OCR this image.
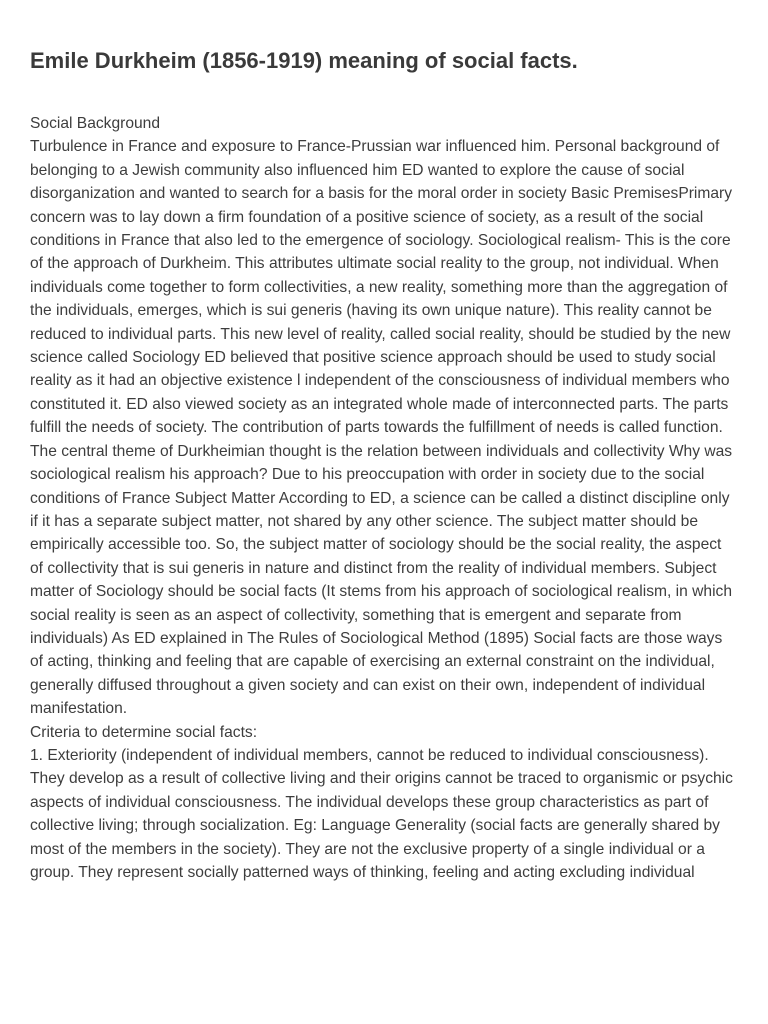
Emile Durkheim (1856-1919) meaning of social facts.

Social Background

Turbulence in France and exposure to France-Prussian war influenced him. Personal background of belonging to a Jewish community also influenced him ED wanted to explore the cause of social disorganization and wanted to search for a basis for the moral order in society Basic PremisesPrimary concern was to lay down a firm foundation of a positive science of society, as a result of the social conditions in France that also led to the emergence of sociology. Sociological realism- This is the core of the approach of Durkheim. This attributes ultimate social reality to the group, not individual. When individuals come together to form collectivities, a new reality, something more than the aggregation of the individuals, emerges, which is sui generis (having its own unique nature). This reality cannot be reduced to individual parts. This new level of reality, called social reality, should be studied by the new science called Sociology ED believed that positive science approach should be used to study social reality as it had an objective existence l independent of the consciousness of individual members who constituted it. ED also viewed society as an integrated whole made of interconnected parts. The parts fulfill the needs of society. The contribution of parts towards the fulfillment of needs is called function. The central theme of Durkheimian thought is the relation between individuals and collectivity Why was sociological realism his approach? Due to his preoccupation with order in society due to the social conditions of France Subject Matter According to ED, a science can be called a distinct discipline only if it has a separate subject matter, not shared by any other science. The subject matter should be empirically accessible too. So, the subject matter of sociology should be the social reality, the aspect of collectivity that is sui generis in nature and distinct from the reality of individual members. Subject matter of Sociology should be social facts (It stems from his approach of sociological realism, in which social reality is seen as an aspect of collectivity, something that is emergent and separate from individuals) As ED explained in The Rules of Sociological Method (1895) Social facts are those ways of acting, thinking and feeling that are capable of exercising an external constraint on the individual, generally diffused throughout a given society and can exist on their own, independent of individual manifestation.

Criteria to determine social facts:

1. Exteriority (independent of individual members, cannot be reduced to individual consciousness). They develop as a result of collective living and their origins cannot be traced to organismic or psychic aspects of individual consciousness. The individual develops these group characteristics as part of collective living; through socialization. Eg: Language Generality (social facts are generally shared by most of the members in the society). They are not the exclusive property of a single individual or a group. They represent socially patterned ways of thinking, feeling and acting excluding individual
